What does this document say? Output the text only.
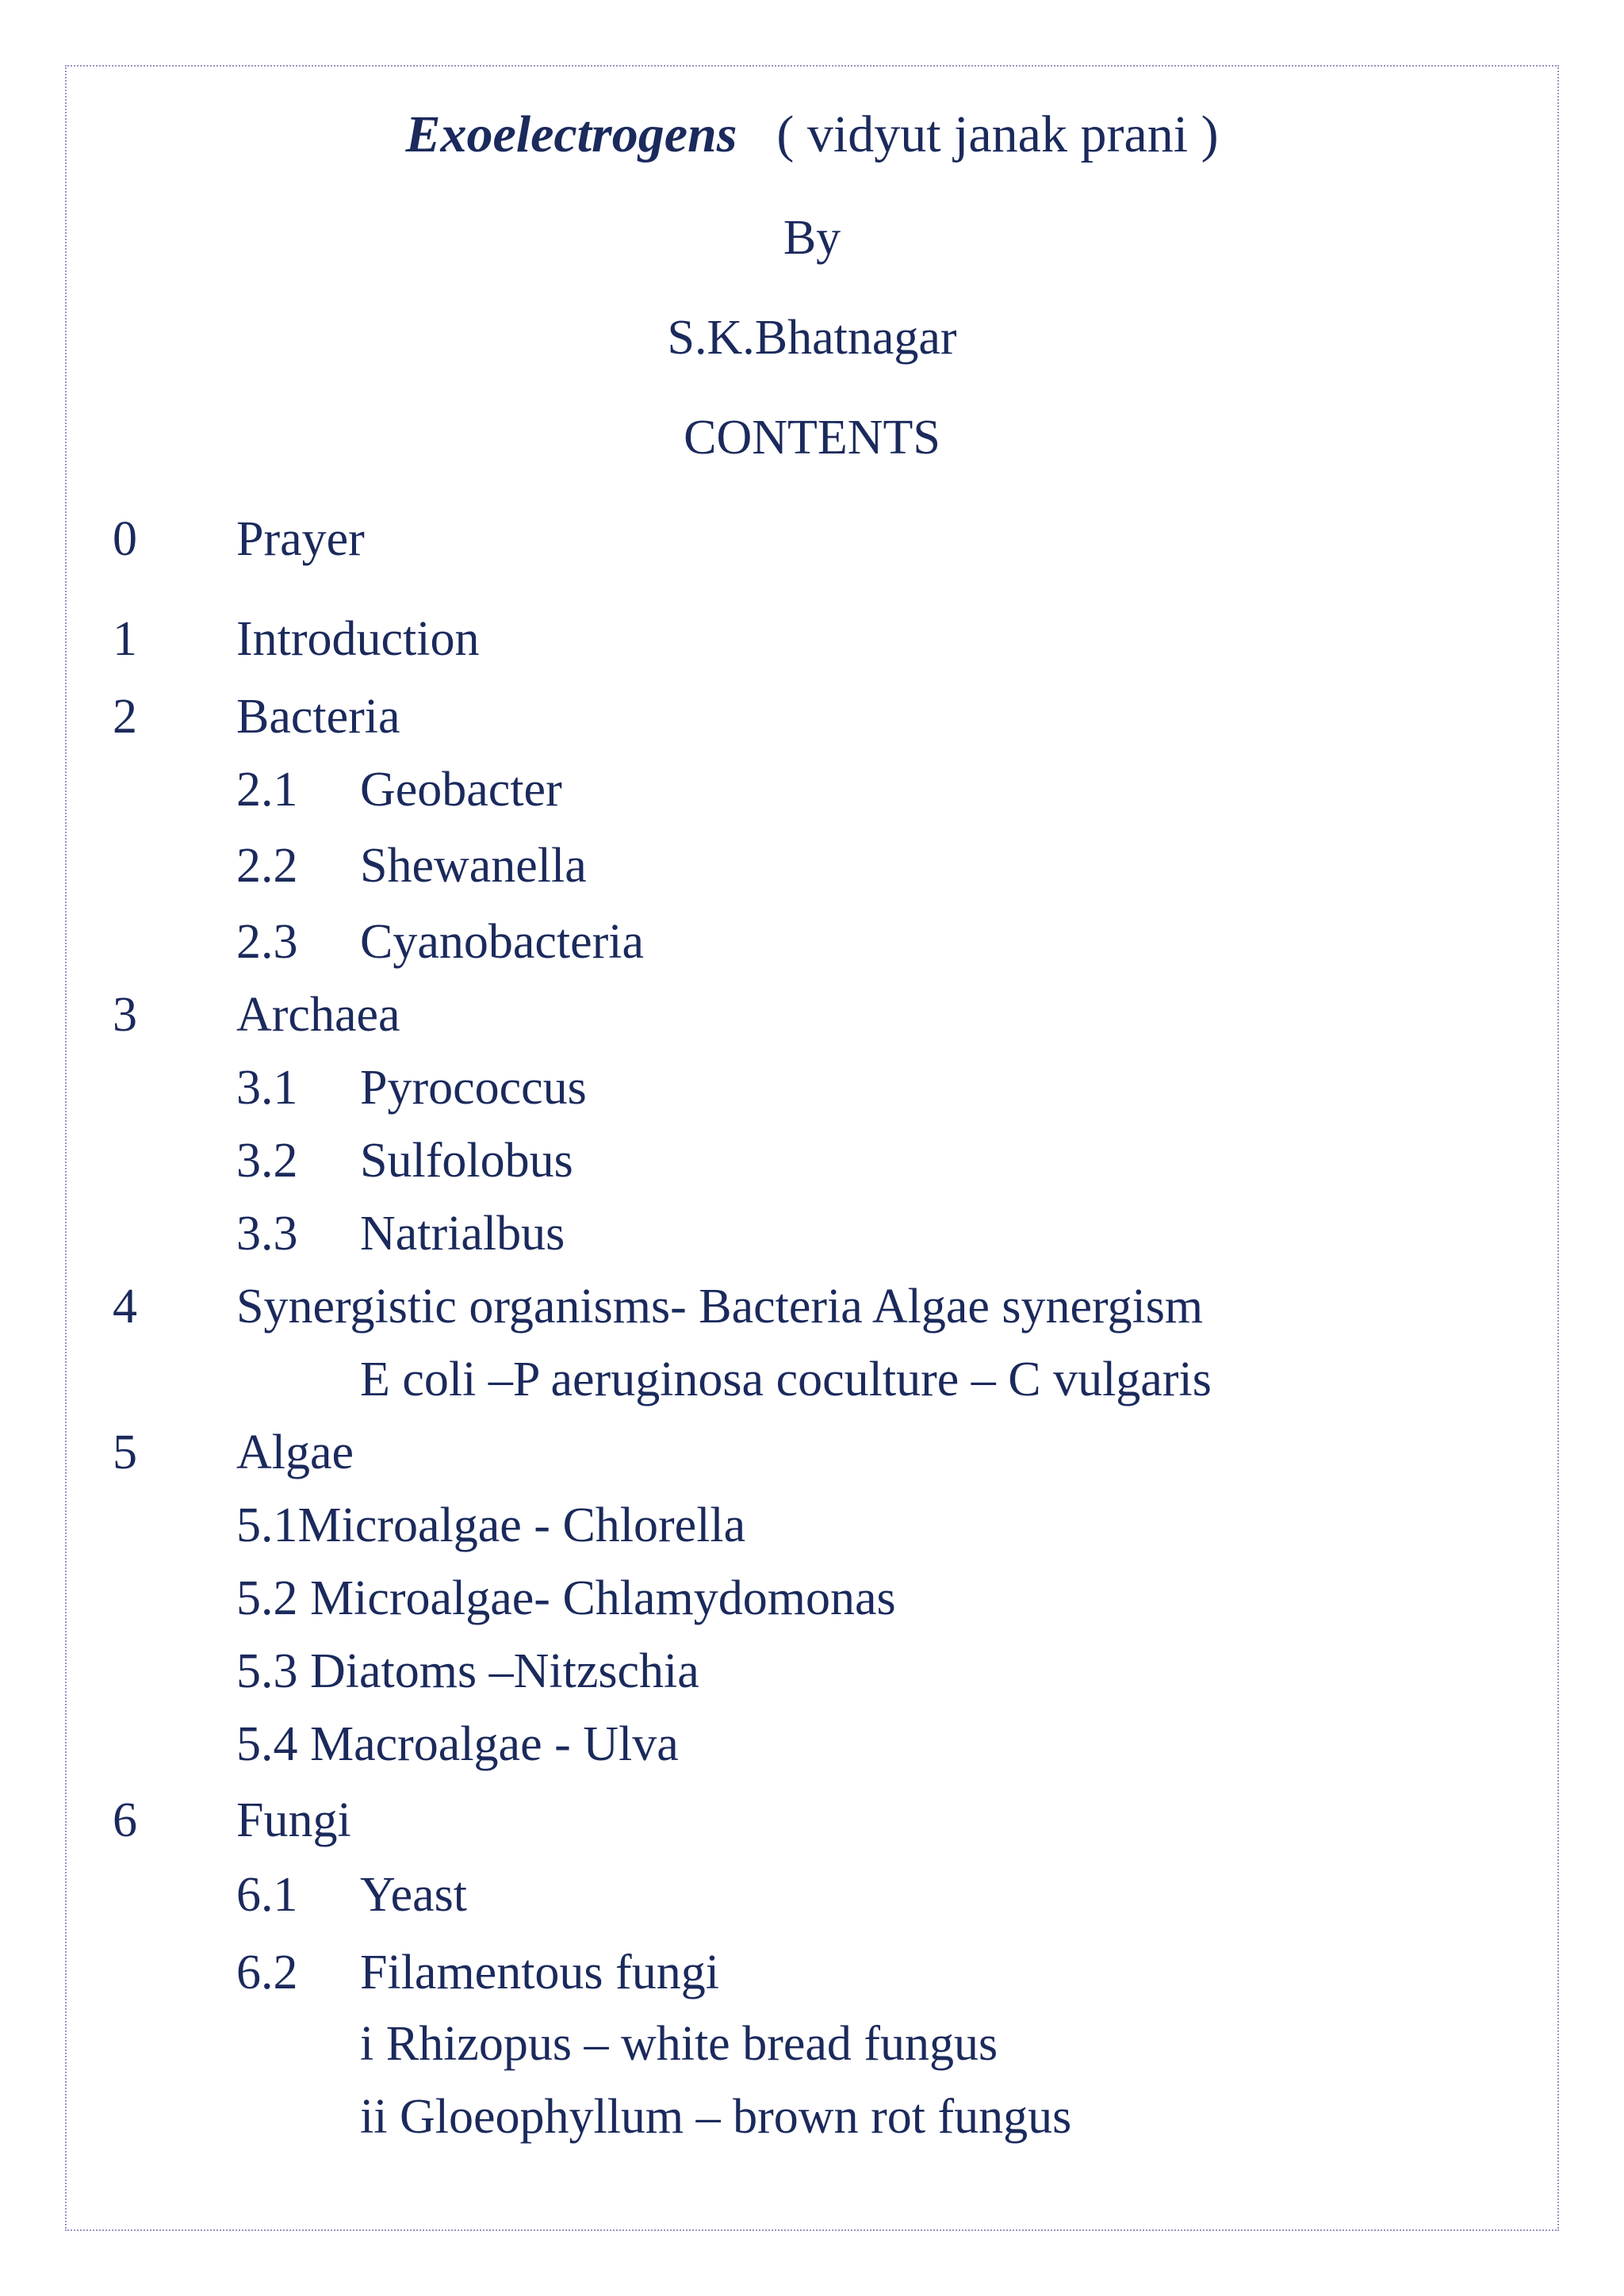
Exoelectrogens ( vidyut janak prani )
By
S.K.Bhatnagar
CONTENTS
0 Prayer
1 Introduction
2 Bacteria
2.1 Geobacter
2.2 Shewanella
2.3 Cyanobacteria
3 Archaea
3.1 Pyrococcus
3.2 Sulfolobus
3.3 Natrialbus
4 Synergistic organisms- Bacteria Algae synergism
E coli –P aeruginosa coculture – C vulgaris
5 Algae
5.1Microalgae - Chlorella
5.2 Microalgae- Chlamydomonas
5.3 Diatoms –Nitzschia
5.4 Macroalgae - Ulva
6 Fungi
6.1 Yeast
6.2 Filamentous fungi
i Rhizopus – white bread fungus
ii Gloeophyllum – brown rot fungus
